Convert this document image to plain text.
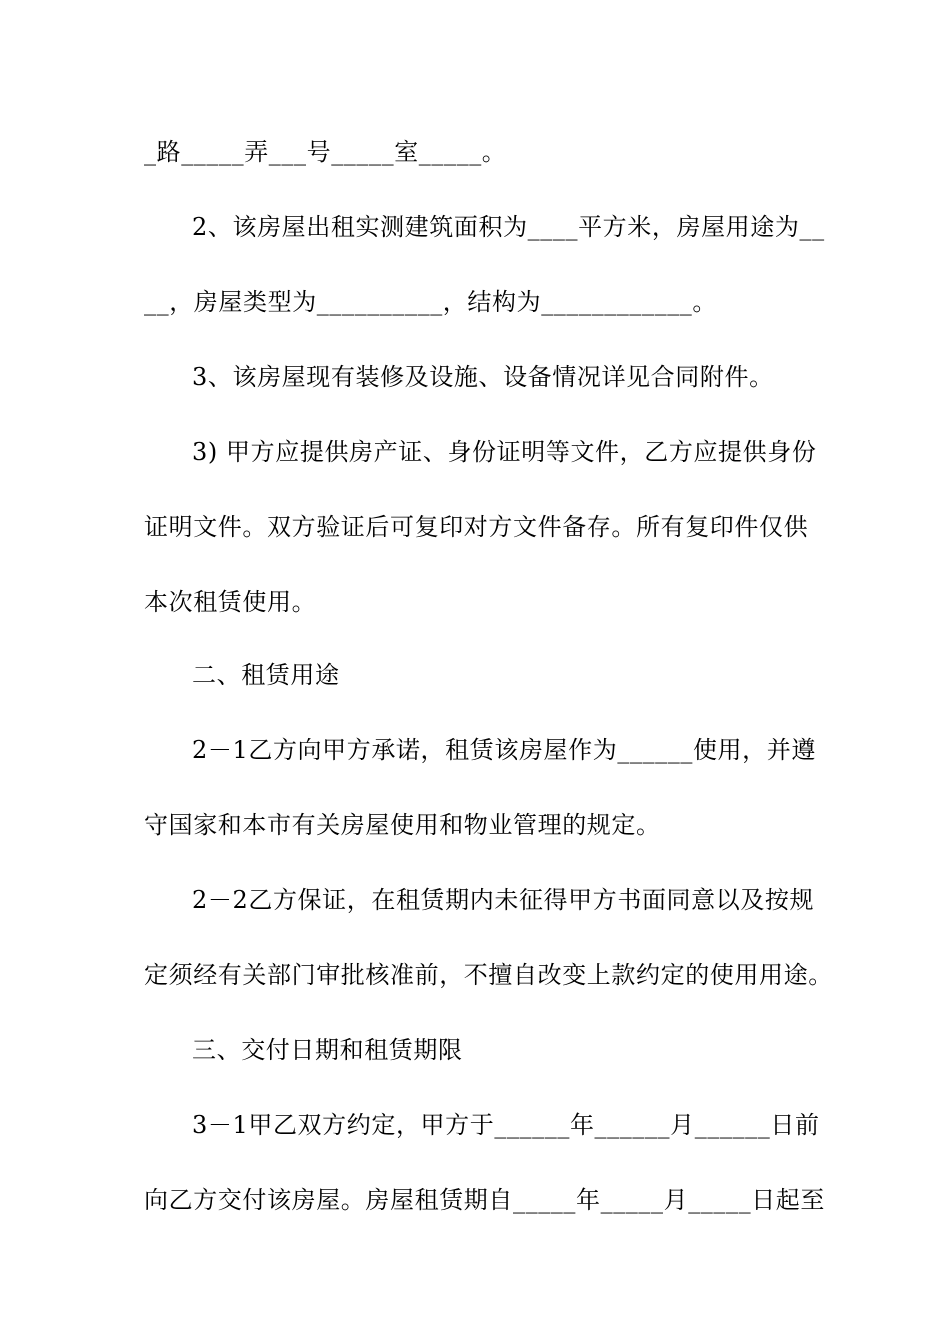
_路_____弄___号_____室_____。
2、该房屋出租实测建筑面积为____平方米，房屋用途为__
__，房屋类型为__________，结构为____________。
3、该房屋现有装修及设施、设备情况详见合同附件。
3) 甲方应提供房产证、身份证明等文件，乙方应提供身份
证明文件。双方验证后可复印对方文件备存。所有复印件仅供
本次租赁使用。
二、租赁用途
2－1乙方向甲方承诺，租赁该房屋作为______使用，并遵
守国家和本市有关房屋使用和物业管理的规定。
2－2乙方保证，在租赁期内未征得甲方书面同意以及按规
定须经有关部门审批核准前，不擅自改变上款约定的使用用途。
三、交付日期和租赁期限
3－1甲乙双方约定，甲方于______年______月______日前
向乙方交付该房屋。房屋租赁期自_____年_____月_____日起至
